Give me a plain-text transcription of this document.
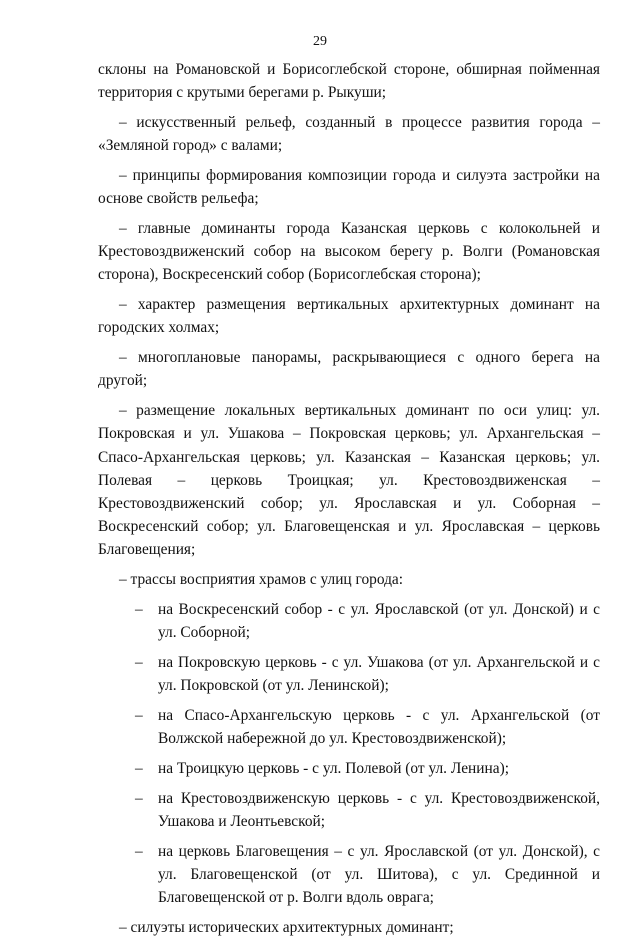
29

склоны на Романовской и Борисоглебской стороне, обширная пойменная территория с крутыми берегами р. Рыкуши;

– искусственный рельеф, созданный в процессе развития города – «Земляной город» с валами;

– принципы формирования композиции города и силуэта застройки на основе свойств рельефа;

– главные доминанты города Казанская церковь с колокольней и Крестовоздвиженский собор на высоком берегу р. Волги (Романовская сторона), Воскресенский собор (Борисоглебская сторона);

– характер размещения вертикальных архитектурных доминант на городских холмах;

– многоплановые панорамы, раскрывающиеся с одного берега на другой;

– размещение локальных вертикальных доминант по оси улиц: ул. Покровская и ул. Ушакова – Покровская церковь; ул. Архангельская – Спасо-Архангельская церковь; ул. Казанская – Казанская церковь; ул. Полевая – церковь Троицкая; ул. Крестовоздвиженская – Крестовоздвиженский собор; ул. Ярославская и ул. Соборная – Воскресенский собор; ул. Благовещенская и ул. Ярославская – церковь Благовещения;

– трассы восприятия храмов с улиц города:

– на Воскресенский собор - с ул. Ярославской (от ул. Донской) и с ул. Соборной;
– на Покровскую церковь - с ул. Ушакова (от ул. Архангельской и с ул. Покровской (от ул. Ленинской);
– на Спасо-Архангельскую церковь - с ул. Архангельской (от Волжской набережной до ул. Крестовоздвиженской);
– на Троицкую церковь - с ул. Полевой (от ул. Ленина);
– на Крестовоздвиженскую церковь - с ул. Крестовоздвиженской, Ушакова и Леонтьевской;
– на церковь Благовещения – с ул. Ярославской (от ул. Донской), с ул. Благовещенской (от ул. Шитова), с ул. Срединной и Благовещенской от р. Волги вдоль оврага;

– силуэты исторических архитектурных доминант;
